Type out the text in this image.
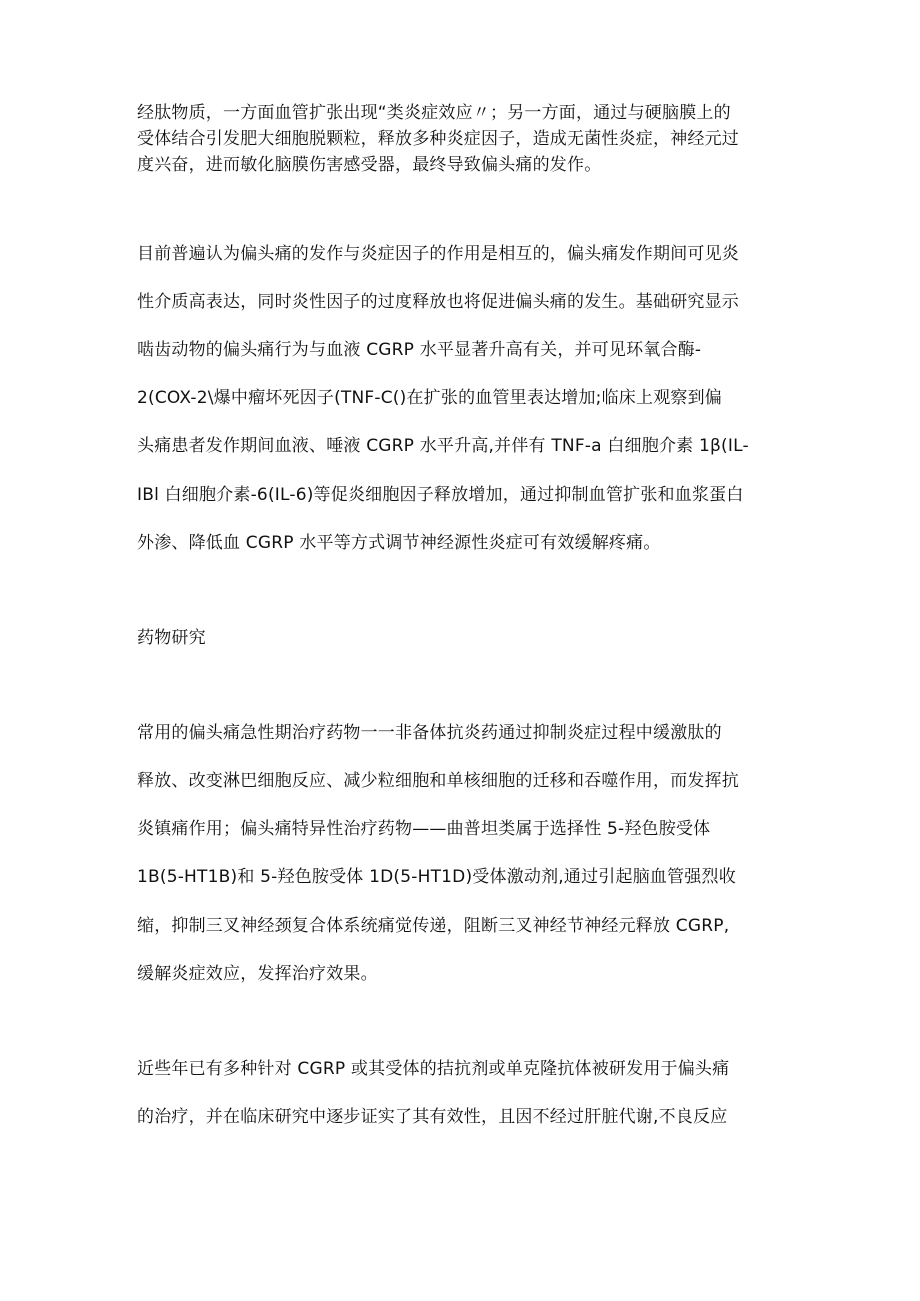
经肽物质，一方面血管扩张出现“类炎症效应〃；另一方面，通过与硬脑膜上的
受体结合引发肥大细胞脱颗粒，释放多种炎症因子，造成无菌性炎症，神经元过
度兴奋，进而敏化脑膜伤害感受器，最终导致偏头痛的发作。
目前普遍认为偏头痛的发作与炎症因子的作用是相互的，偏头痛发作期间可见炎
性介质高表达，同时炎性因子的过度释放也将促进偏头痛的发生。基础研究显示
啮齿动物的偏头痛行为与血液 CGRP 水平显著升高有关，并可见环氧合酶-
2(COX-2\爆中瘤坏死因子(TNF-C()在扩张的血管里表达增加;临床上观察到偏
头痛患者发作期间血液、唾液 CGRP 水平升高,并伴有 TNF-a 白细胞介素 1β(IL-
IBl 白细胞介素-6(IL-6)等促炎细胞因子释放增加，通过抑制血管扩张和血浆蛋白
外渗、降低血 CGRP 水平等方式调节神经源性炎症可有效缓解疼痛。
药物研究
常用的偏头痛急性期治疗药物一一非备体抗炎药通过抑制炎症过程中缓激肽的
释放、改变淋巴细胞反应、减少粒细胞和单核细胞的迁移和吞噬作用，而发挥抗
炎镇痛作用；偏头痛特异性治疗药物——曲普坦类属于选择性 5-羟色胺受体
1B(5-HT1B)和 5-羟色胺受体 1D(5-HT1D)受体激动剂,通过引起脑血管强烈收
缩，抑制三叉神经颈复合体系统痛觉传递，阻断三叉神经节神经元释放 CGRP,
缓解炎症效应，发挥治疗效果。
近些年已有多种针对 CGRP 或其受体的拮抗剂或单克隆抗体被研发用于偏头痛
的治疗，并在临床研究中逐步证实了其有效性，且因不经过肝脏代谢,不良反应
